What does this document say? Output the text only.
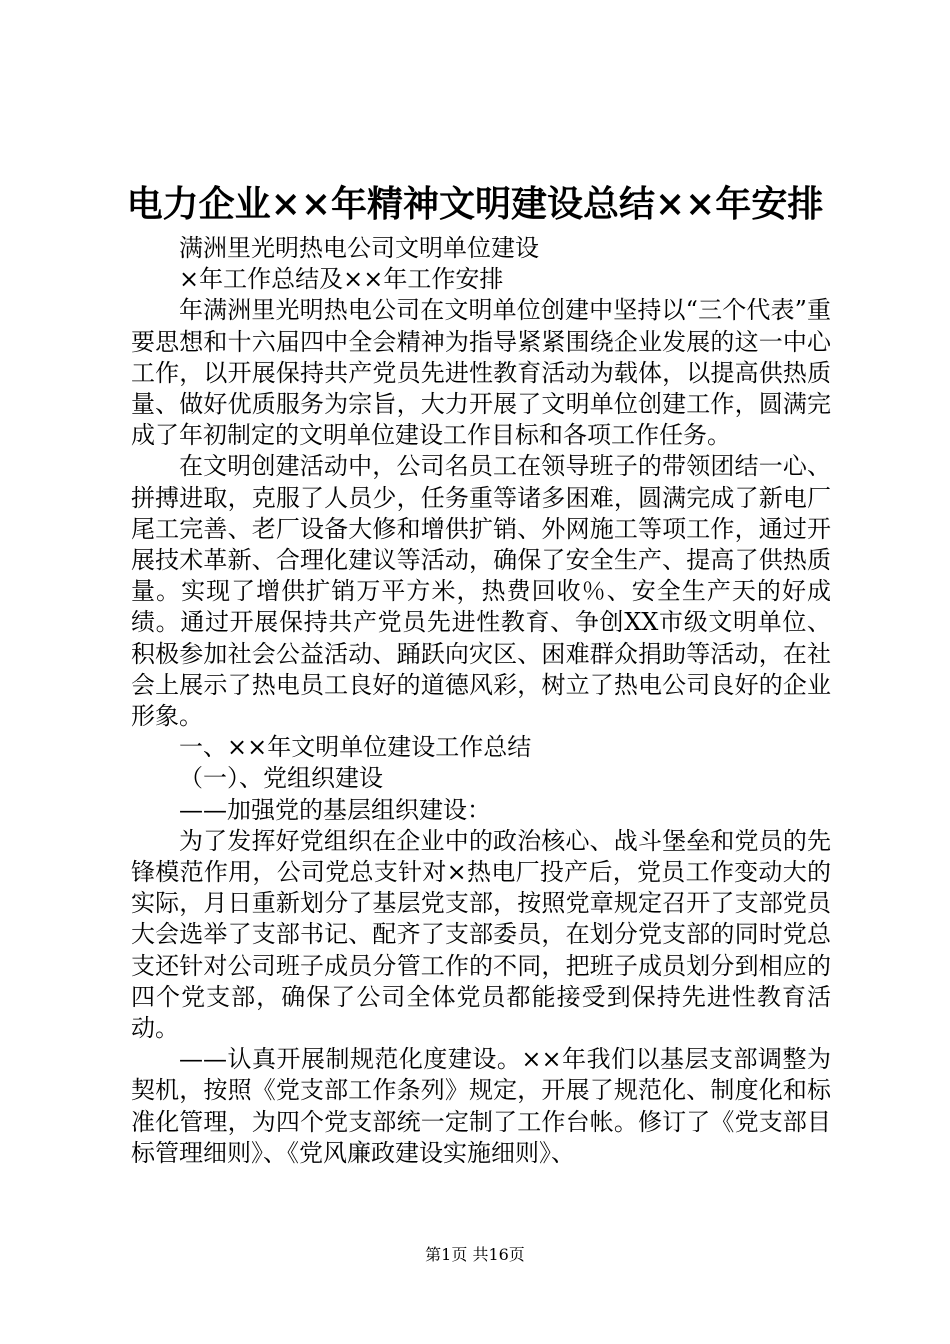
电力企业××年精神文明建设总结××年安排

满洲里光明热电公司文明单位建设

×年工作总结及××年工作安排

年满洲里光明热电公司在文明单位创建中坚持以“三个代表”重要思想和十六届四中全会精神为指导紧紧围绕企业发展的这一中心工作，以开展保持共产党员先进性教育活动为载体，以提高供热质量、做好优质服务为宗旨，大力开展了文明单位创建工作，圆满完成了年初制定的文明单位建设工作目标和各项工作任务。

在文明创建活动中，公司名员工在领导班子的带领团结一心、拼搏进取，克服了人员少，任务重等诸多困难，圆满完成了新电厂尾工完善、老厂设备大修和增供扩销、外网施工等项工作，通过开展技术革新、合理化建议等活动，确保了安全生产、提高了供热质量。实现了增供扩销万平方米，热费回收％、安全生产天的好成绩。通过开展保持共产党员先进性教育、争创XX市级文明单位、积极参加社会公益活动、踊跃向灾区、困难群众捐助等活动，在社会上展示了热电员工良好的道德风彩，树立了热电公司良好的企业形象。

一、××年文明单位建设工作总结

（一）、党组织建设

——加强党的基层组织建设：

为了发挥好党组织在企业中的政治核心、战斗堡垒和党员的先锋模范作用，公司党总支针对×热电厂投产后，党员工作变动大的实际，月日重新划分了基层党支部，按照党章规定召开了支部党员大会选举了支部书记、配齐了支部委员，在划分党支部的同时党总支还针对公司班子成员分管工作的不同，把班子成员划分到相应的四个党支部，确保了公司全体党员都能接受到保持先进性教育活动。

——认真开展制规范化度建设。××年我们以基层支部调整为契机，按照《党支部工作条列》规定，开展了规范化、制度化和标准化管理，为四个党支部统一定制了工作台帐。修订了《党支部目标管理细则》、《党风廉政建设实施细则》、

第1页 共16页
